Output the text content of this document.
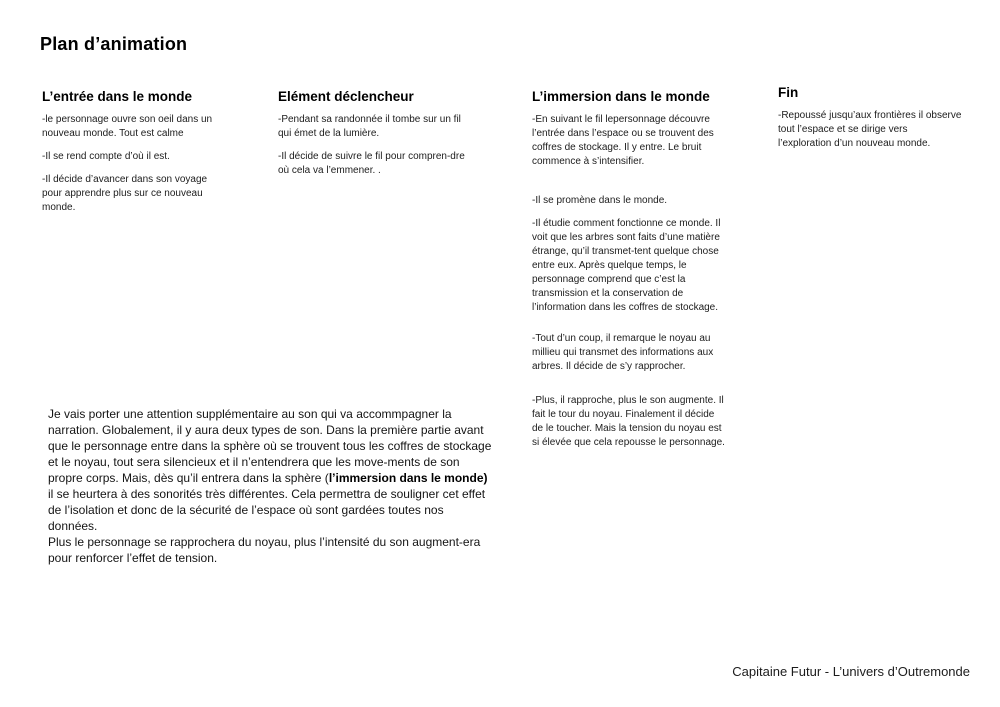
Plan d’animation
L’entrée dans le monde

-le personnage ouvre son oeil dans un nouveau monde. Tout est calme

-Il se rend compte d’où il est.

-Il décide d’avancer dans son voyage pour apprendre plus sur ce nouveau monde.

Elément déclencheur

-Pendant sa randonnée il tombe sur un fil qui émet de la lumière.

-Il décide de suivre le fil pour compren-dre où cela va l’emmener. .

L’immersion dans le monde

-En suivant le fil lepersonnage découvre l’entrée dans l’espace ou se trouvent des coffres de stockage. Il y entre. Le bruit commence à s’intensifier.

-Il se promène dans le monde.

-Il étudie comment fonctionne ce monde. Il voit que les arbres sont faits d’une matière étrange, qu’il transmet-tent quelque chose entre eux. Après quelque temps, le personnage comprend que c’est la transmission et la conservation de l’information dans les coffres de stockage.

-Tout d’un coup, il remarque le noyau au millieu qui transmet des informations aux arbres. Il décide de s’y rapprocher.

-Plus, il rapproche, plus le son augmente. Il fait le tour du noyau. Finalement il décide de le toucher. Mais la tension du noyau est si élevée que cela repousse le personnage.

Fin

-Repoussé jusqu’aux frontières il observe tout l’espace et se dirige vers l’exploration d’un nouveau monde.

Je vais porter une attention supplémentaire au son qui va accommpagner la narration. Globalement, il y aura deux types de son. Dans la première partie avant que le personnage entre dans la sphère où se trouvent tous les coffres de stockage et le noyau, tout sera silencieux et il n’entendrera que les move-ments de son propre corps. Mais, dès qu’il entrera dans la sphère (l’immersion dans le monde) il se heurtera à des sonorités très différentes. Cela permettra de souligner cet effet de l’isolation et donc de la sécurité de l’espace où sont gardées toutes nos données.

Plus le personnage se rapprochera du noyau, plus l’intensité du son augment-era pour renforcer l’effet de tension.

Capitaine Futur - L’univers d’Outremonde
